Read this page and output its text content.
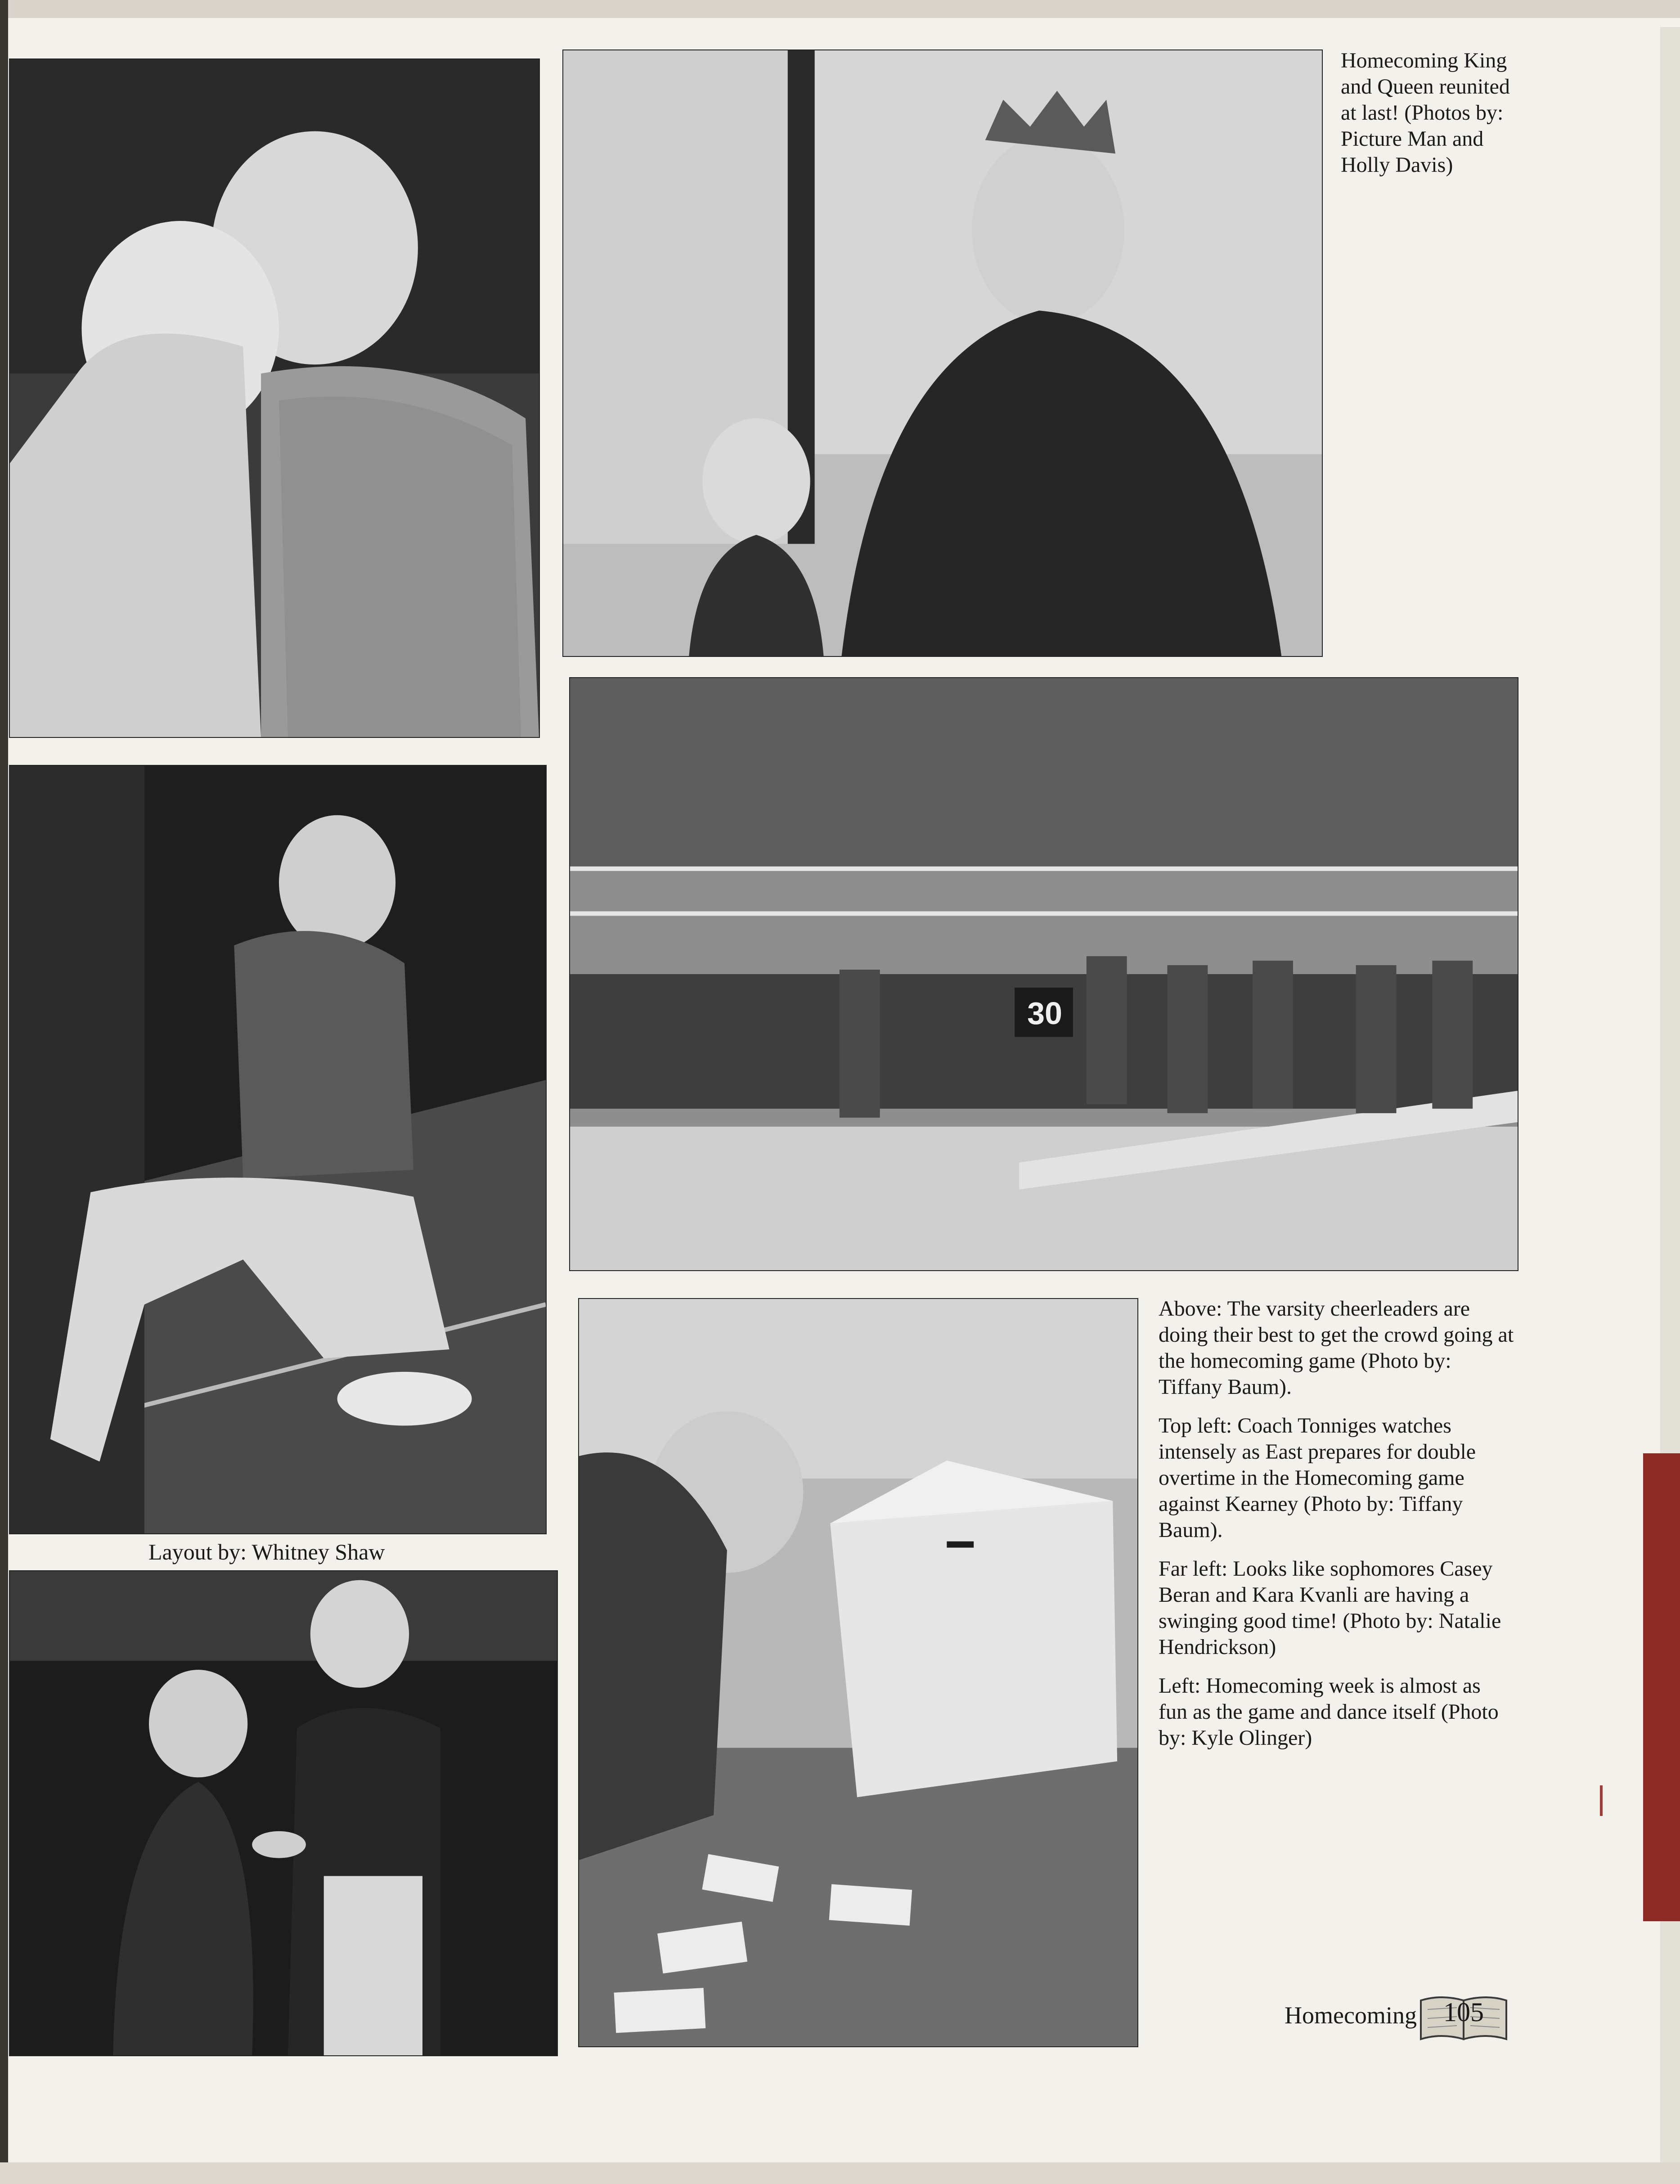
Homecoming King and Queen reunited at last! (Photos by: Picture Man and Holly Davis)
Layout by: Whitney Shaw
30

Above: The varsity cheerleaders are doing their best to get the crowd going at the homecoming game (Photo by: Tiffany Baum).

Top left: Coach Tonniges watches intensely as East prepares for double overtime in the Homecoming game against Kearney (Photo by: Tiffany Baum).

Far left: Looks like sophomores Casey Beran and Kara Kvanli are having a swinging good time! (Photo by: Natalie Hendrickson)

Left: Homecoming week is almost as fun as the game and dance itself (Photo by: Kyle Olinger)

Homecoming 105
